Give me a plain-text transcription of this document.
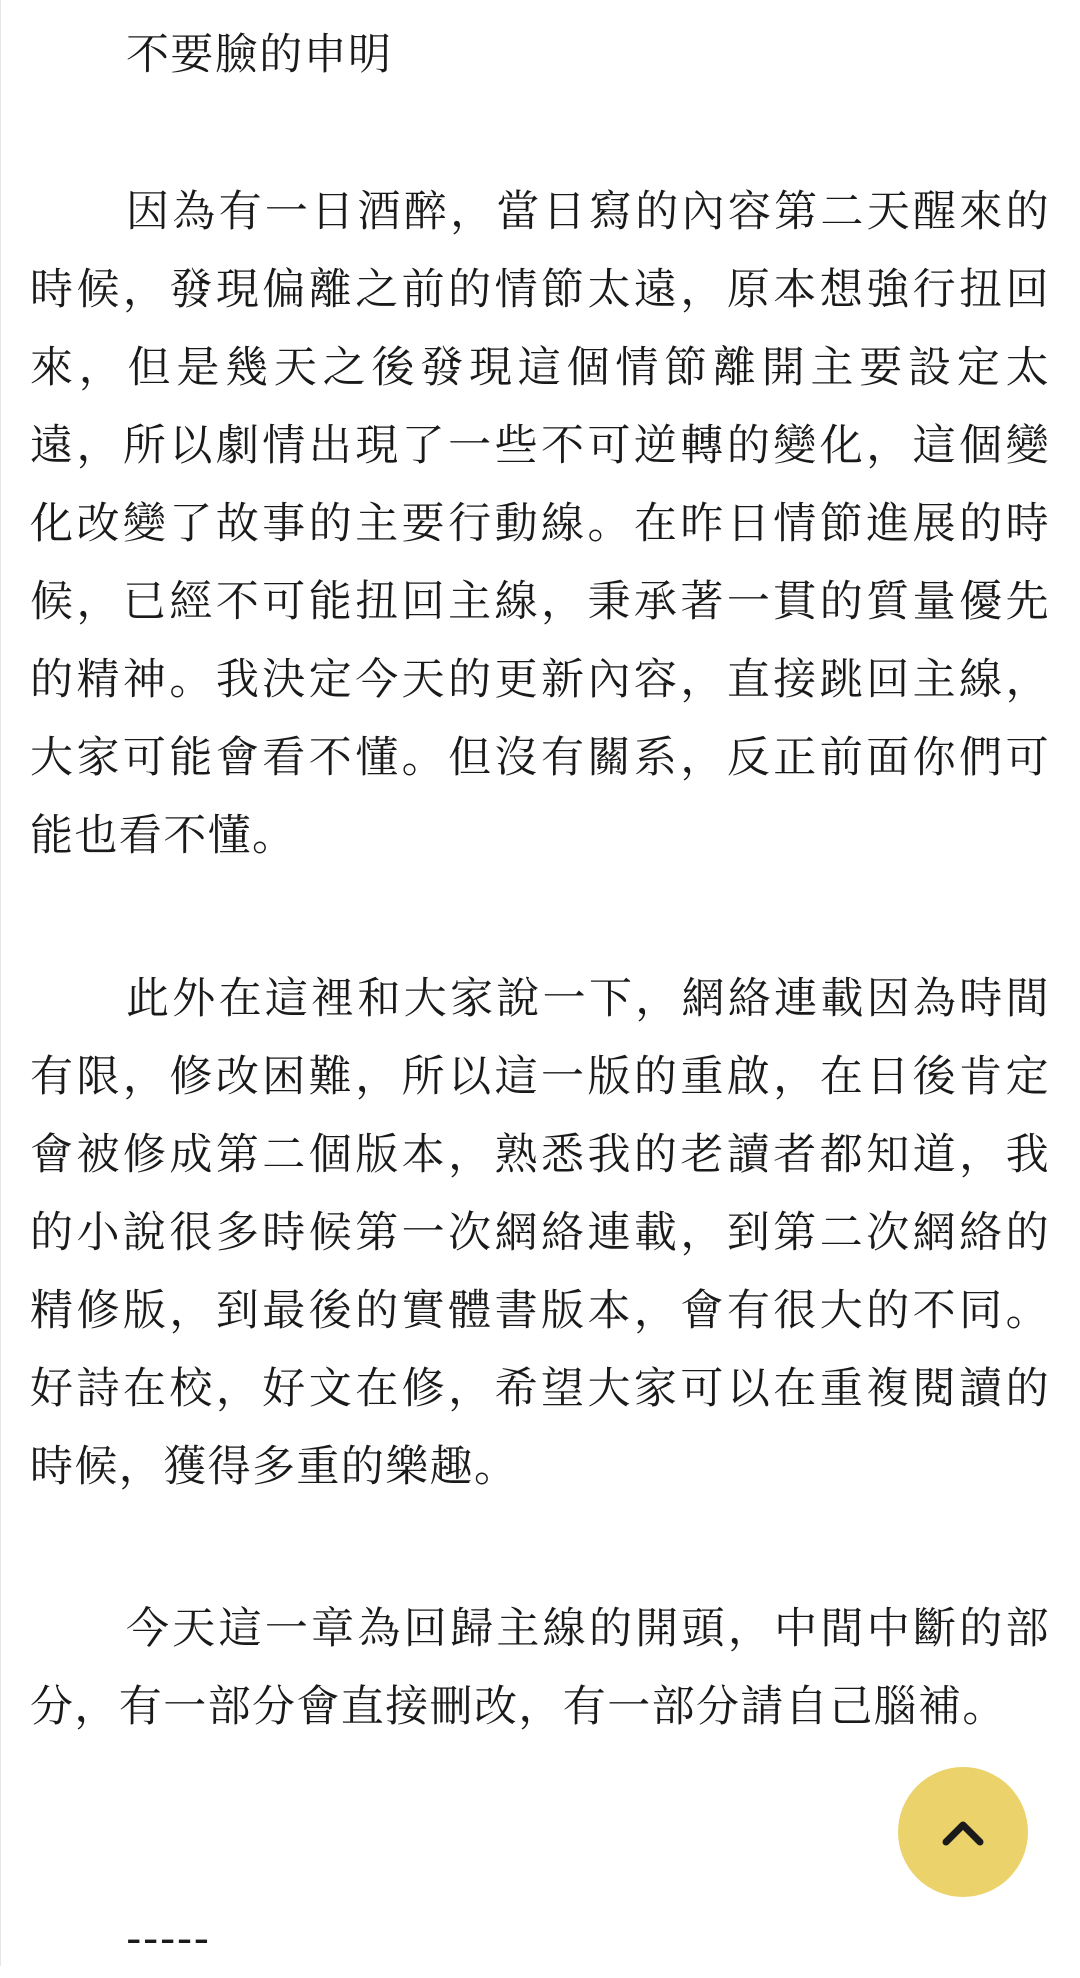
不要臉的申明

因為有一日酒醉，當日寫的內容第二天醒來的時候，發現偏離之前的情節太遠，原本想強行扭回來，但是幾天之後發現這個情節離開主要設定太遠，所以劇情出現了一些不可逆轉的變化，這個變化改變了故事的主要行動線。在昨日情節進展的時候，已經不可能扭回主線，秉承著一貫的質量優先的精神。我決定今天的更新內容，直接跳回主線，大家可能會看不懂。但沒有關系，反正前面你們可能也看不懂。

此外在這裡和大家說一下，網絡連載因為時間有限，修改困難，所以這一版的重啟，在日後肯定會被修成第二個版本，熟悉我的老讀者都知道，我的小說很多時候第一次網絡連載，到第二次網絡的精修版，到最後的實體書版本，會有很大的不同。好詩在校，好文在修，希望大家可以在重複閱讀的時候，獲得多重的樂趣。

今天這一章為回歸主線的開頭，中間中斷的部分，有一部分會直接刪改，有一部分請自己腦補。

-----
